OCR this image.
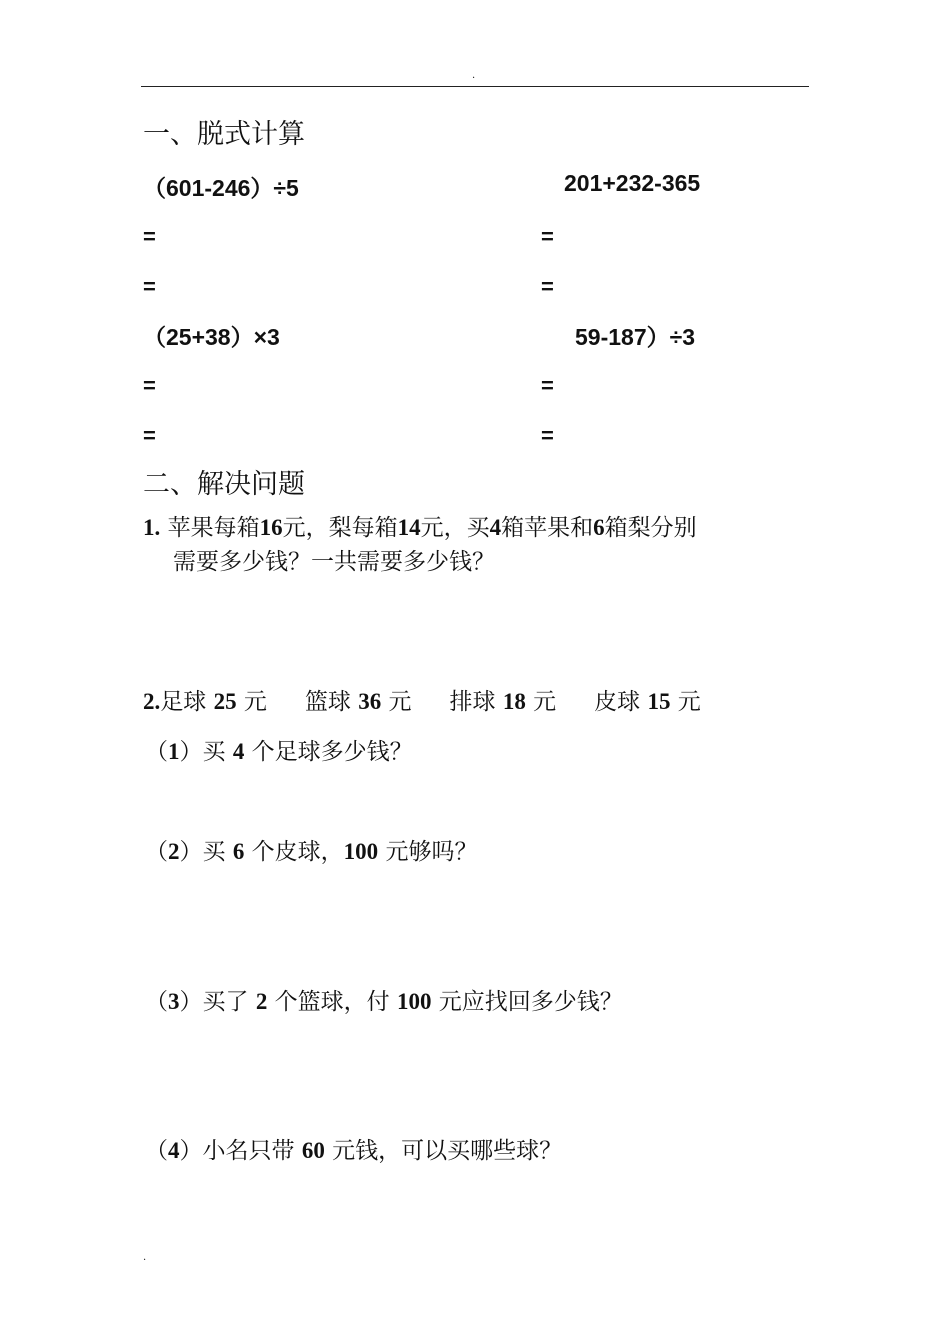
.
一、脱式计算
（601-246）÷5
=
=
201+232-365
=
=
（25+38）×3
=
=
59-187）÷3
=
=
二、解决问题
1. 苹果每箱16元，梨每箱14元，买4箱苹果和6箱梨分别
需要多少钱？一共需要多少钱？
2.足球 25 元 篮球 36 元 排球 18 元 皮球 15 元
（1）买 4 个足球多少钱？
（2）买 6 个皮球，100 元够吗？
（3）买了 2 个篮球，付 100 元应找回多少钱？
（4）小名只带 60 元钱，可以买哪些球？
.
